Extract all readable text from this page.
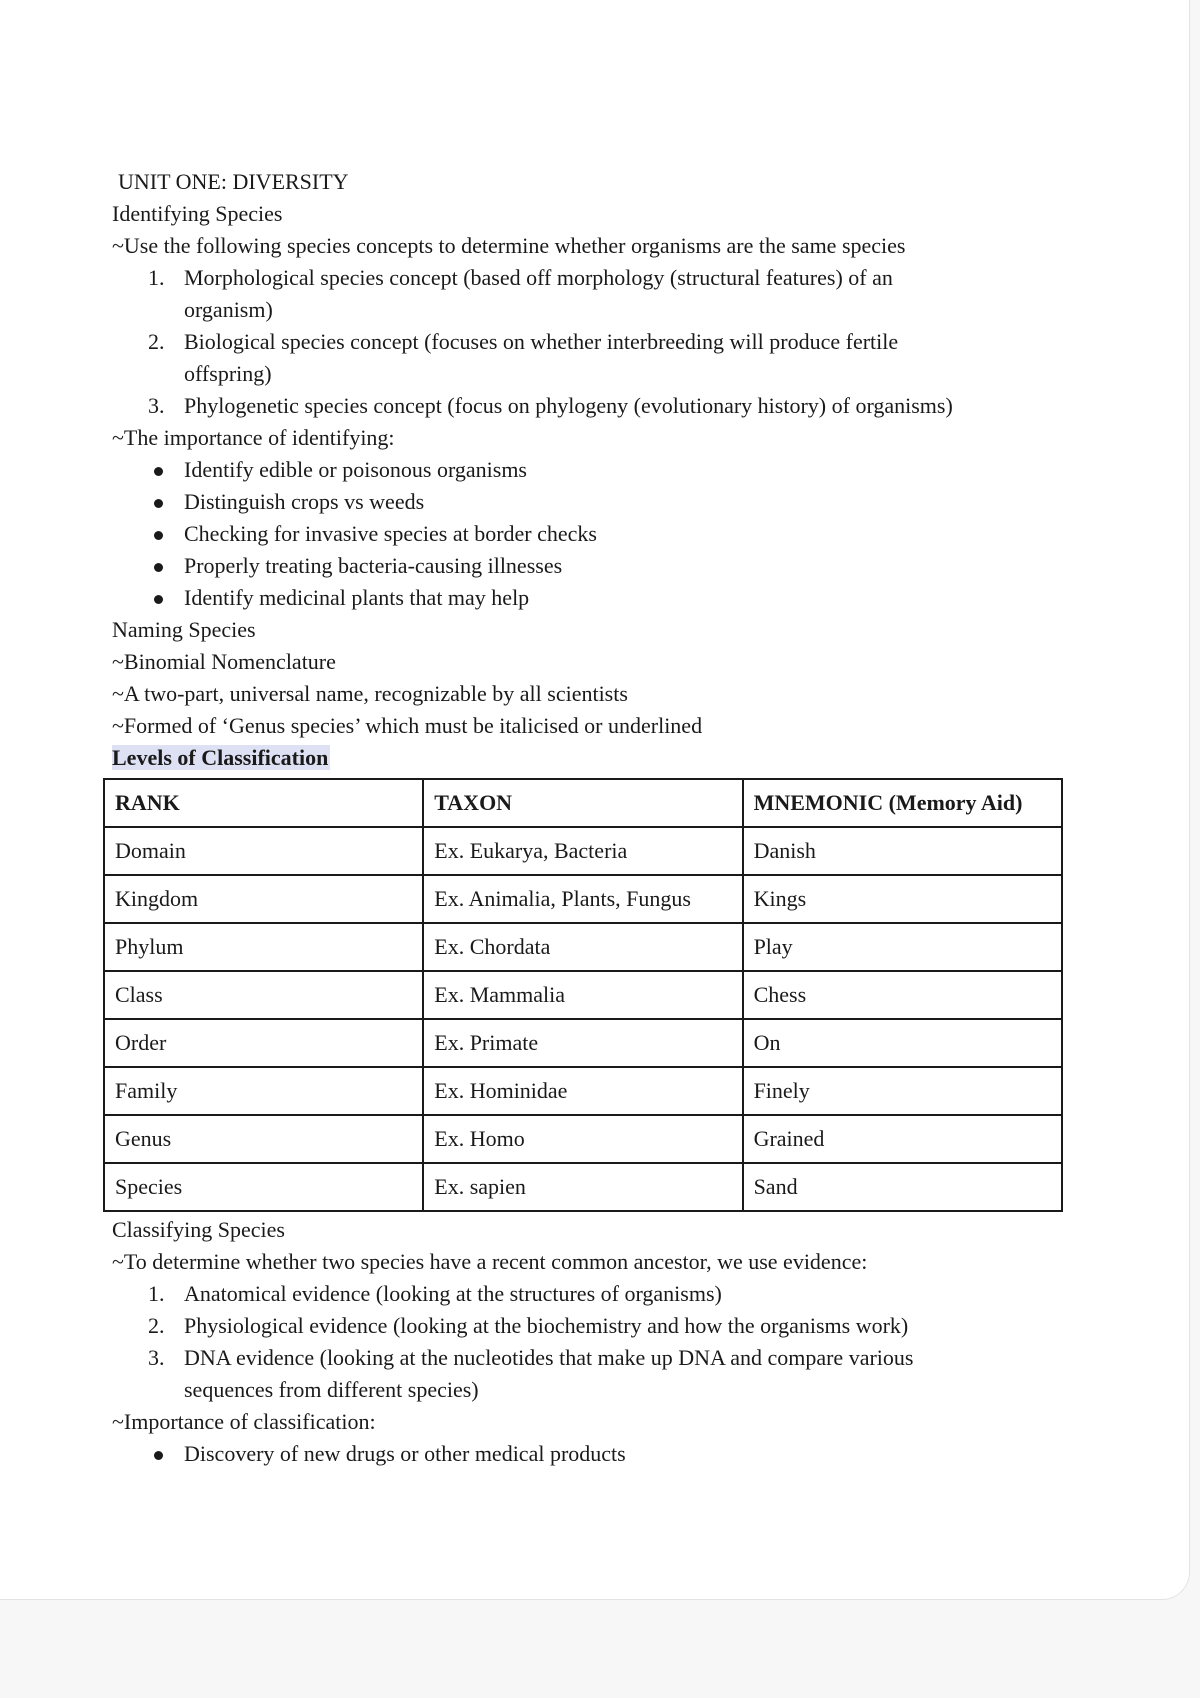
UNIT ONE: DIVERSITY
Identifying Species
~Use the following species concepts to determine whether organisms are the same species
1. Morphological species concept (based off morphology (structural features) of an
organism)
2. Biological species concept (focuses on whether interbreeding will produce fertile
offspring)
3. Phylogenetic species concept (focus on phylogeny (evolutionary history) of organisms)
~The importance of identifying:
Identify edible or poisonous organisms
Distinguish crops vs weeds
Checking for invasive species at border checks
Properly treating bacteria-causing illnesses
Identify medicinal plants that may help
Naming Species
~Binomial Nomenclature
~A two-part, universal name, recognizable by all scientists
~Formed of ‘Genus species’ which must be italicised or underlined
Levels of Classification
RANK	TAXON	MNEMONIC (Memory Aid)
Domain	Ex. Eukarya, Bacteria	Danish
Kingdom	Ex. Animalia, Plants, Fungus	Kings
Phylum	Ex. Chordata	Play
Class	Ex. Mammalia	Chess
Order	Ex. Primate	On
Family	Ex. Hominidae	Finely
Genus	Ex. Homo	Grained
Species	Ex. sapien	Sand
Classifying Species
~To determine whether two species have a recent common ancestor, we use evidence:
1. Anatomical evidence (looking at the structures of organisms)
2. Physiological evidence (looking at the biochemistry and how the organisms work)
3. DNA evidence (looking at the nucleotides that make up DNA and compare various
sequences from different species)
~Importance of classification:
Discovery of new drugs or other medical products
